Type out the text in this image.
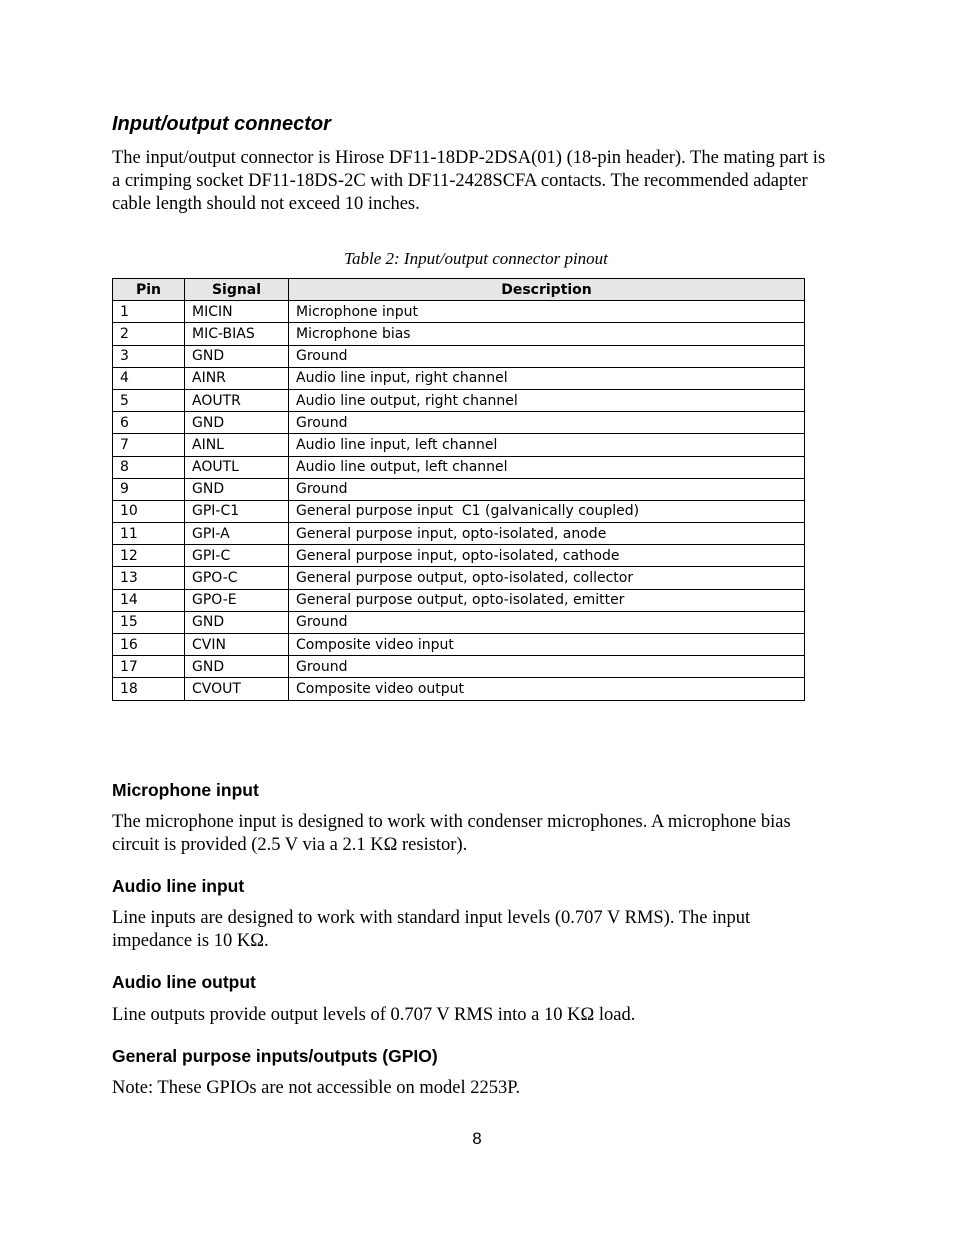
Input/output connector

The input/output connector is Hirose DF11-18DP-2DSA(01) (18-pin header). The mating part is a crimping socket DF11-18DS-2C with DF11-2428SCFA contacts. The recommended adapter cable length should not exceed 10 inches.

Table 2: Input/output connector pinout

Pin	Signal	Description
1	MICIN	Microphone input
2	MIC-BIAS	Microphone bias
3	GND	Ground
4	AINR	Audio line input, right channel
5	AOUTR	Audio line output, right channel
6	GND	Ground
7	AINL	Audio line input, left channel
8	AOUTL	Audio line output, left channel
9	GND	Ground
10	GPI-C1	General purpose input  C1 (galvanically coupled)
11	GPI-A	General purpose input, opto-isolated, anode
12	GPI-C	General purpose input, opto-isolated, cathode
13	GPO-C	General purpose output, opto-isolated, collector
14	GPO-E	General purpose output, opto-isolated, emitter
15	GND	Ground
16	CVIN	Composite video input
17	GND	Ground
18	CVOUT	Composite video output
Microphone input

The microphone input is designed to work with condenser microphones. A microphone bias circuit is provided (2.5 V via a 2.1 KΩ resistor).

Audio line input

Line inputs are designed to work with standard input levels (0.707 V RMS). The input impedance is 10 KΩ.

Audio line output

Line outputs provide output levels of 0.707 V RMS into a 10 KΩ load.

General purpose inputs/outputs (GPIO)

Note: These GPIOs are not accessible on model 2253P.

8
